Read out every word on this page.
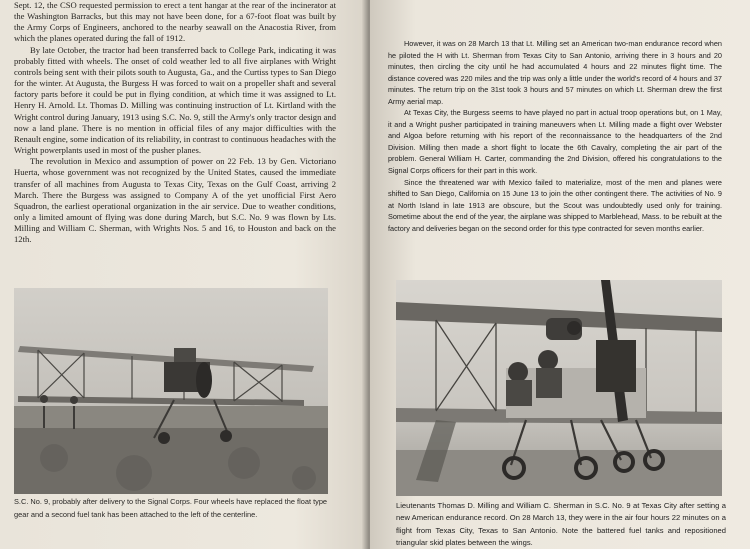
Sept. 12, the CSO requested permission to erect a tent hangar at the rear of the incinerator at the Washington Barracks, but this may not have been done, for a 67-foot float was built by the Army Corps of Engineers, anchored to the nearby seawall on the Anacostia River, from which the planes operated during the fall of 1912.

By late October, the tractor had been transferred back to College Park, indicating it was probably fitted with wheels. The onset of cold weather led to all five airplanes with Wright controls being sent with their pilots south to Augusta, Ga., and the Curtiss types to San Diego for the winter. At Augusta, the Burgess H was forced to wait on a propeller shaft and several factory parts before it could be put in flying condition, at which time it was assigned to Lt. Henry H. Arnold. Lt. Thomas D. Milling was continuing instruction of Lt. Kirtland with the Wright control during January, 1913 using S.C. No. 9, still the Army's only tractor design and now a land plane. There is no mention in official files of any major difficulties with the Renault engine, some indication of its reliability, in contrast to continuous headaches with the Wright powerplants used in most of the pusher planes.

The revolution in Mexico and assumption of power on 22 Feb. 13 by Gen. Victoriano Huerta, whose government was not recognized by the United States, caused the immediate transfer of all machines from Augusta to Texas City, Texas on the Gulf Coast, arriving 2 March. There the Burgess was assigned to Company A of the yet unofficial First Aero Squadron, the earliest operational organization in the air service. Due to weather conditions, only a limited amount of flying was done during March, but S.C. No. 9 was flown by Lts. Milling and William C. Sherman, with Wrights Nos. 5 and 16, to Houston and back on the 12th.

S.C. No. 9, probably after delivery to the Signal Corps. Four wheels have replaced the float type gear and a second fuel tank has been attached to the left of the centerline.

However, it was on 28 March 13 that Lt. Milling set an American two-man endurance record when he piloted the H with Lt. Sherman from Texas City to San Antonio, arriving there in 3 hours and 20 minutes, then circling the city until he had accumulated 4 hours and 22 minutes flight time. The distance covered was 220 miles and the trip was only a little under the world's record of 4 hours and 37 minutes. The return trip on the 31st took 3 hours and 57 minutes on which Lt. Sherman drew the first Army aerial map.

At Texas City, the Burgess seems to have played no part in actual troop operations but, on 1 May, it and a Wright pusher participated in training maneuvers when Lt. Milling made a flight over Webster and Algoa before returning with his report of the reconnaissance to the headquarters of the 2nd Division. Milling then made a short flight to locate the 6th Cavalry, completing the air part of the problem. General William H. Carter, commanding the 2nd Division, offered his congratulations to the Signal Corps officers for their part in this work.

Since the threatened war with Mexico failed to materialize, most of the men and planes were shifted to San Diego, California on 15 June 13 to join the other contingent there. The activities of No. 9 at North Island in late 1913 are obscure, but the Scout was undoubtedly used only for training. Sometime about the end of the year, the airplane was shipped to Marblehead, Mass. to be rebuilt at the factory and deliveries began on the second order for this type contracted for seven months earlier.

Lieutenants Thomas D. Milling and William C. Sherman in S.C. No. 9 at Texas City after setting a new American endurance record. On 28 March 13, they were in the air four hours 22 minutes on a flight from Texas City, Texas to San Antonio. Note the battered fuel tanks and repositioned triangular skid plates between the wings.
